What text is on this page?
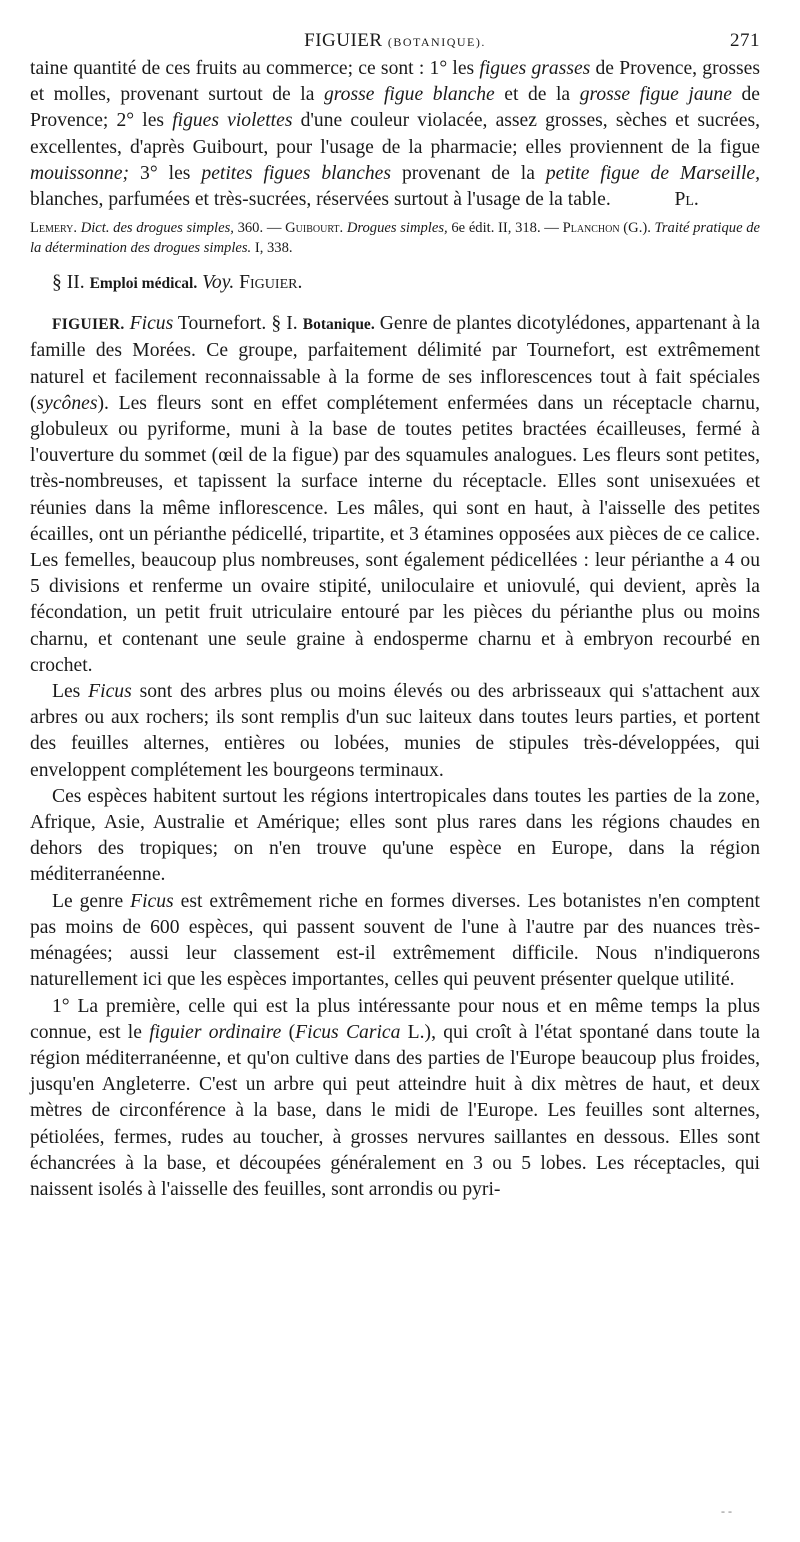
FIGUIER (BOTANIQUE).	271

taine quantité de ces fruits au commerce; ce sont : 1° les figues grasses de Provence, grosses et molles, provenant surtout de la grosse figue blanche et de la grosse figue jaune de Provence; 2° les figues violettes d'une couleur violacée, assez grosses, sèches et sucrées, excellentes, d'après Guibourt, pour l'usage de la pharmacie; elles proviennent de la figue mouissonne; 3° les petites figues blanches provenant de la petite figue de Marseille, blanches, parfumées et très-sucrées, réservées surtout à l'usage de la table.	Pl.

Lemery. Dict. des drogues simples, 360. — Guibourt. Drogues simples, 6e édit. II, 318. — Planchon (G.). Traité pratique de la détermination des drogues simples. I, 338.

§ II. Emploi médical. Voy. Figuier.

FIGUIER. Ficus Tournefort. § I. Botanique. Genre de plantes dicotylédones, appartenant à la famille des Morées. Ce groupe, parfaitement délimité par Tournefort, est extrêmement naturel et facilement reconnaissable à la forme de ses inflorescences tout à fait spéciales (sycônes). Les fleurs sont en effet complétement enfermées dans un réceptacle charnu, globuleux ou pyriforme, muni à la base de toutes petites bractées écailleuses, fermé à l'ouverture du sommet (œil de la figue) par des squamules analogues. Les fleurs sont petites, très-nombreuses, et tapissent la surface interne du réceptacle. Elles sont unisexuées et réunies dans la même inflorescence. Les mâles, qui sont en haut, à l'aisselle des petites écailles, ont un périanthe pédicellé, tripartite, et 3 étamines opposées aux pièces de ce calice. Les femelles, beaucoup plus nombreuses, sont également pédicellées : leur périanthe a 4 ou 5 divisions et renferme un ovaire stipité, uniloculaire et uniovulé, qui devient, après la fécondation, un petit fruit utriculaire entouré par les pièces du périanthe plus ou moins charnu, et contenant une seule graine à endosperme charnu et à embryon recourbé en crochet.

Les Ficus sont des arbres plus ou moins élevés ou des arbrisseaux qui s'attachent aux arbres ou aux rochers; ils sont remplis d'un suc laiteux dans toutes leurs parties, et portent des feuilles alternes, entières ou lobées, munies de stipules très-développées, qui enveloppent complétement les bourgeons terminaux.

Ces espèces habitent surtout les régions intertropicales dans toutes les parties de la zone, Afrique, Asie, Australie et Amérique; elles sont plus rares dans les régions chaudes en dehors des tropiques; on n'en trouve qu'une espèce en Europe, dans la région méditerranéenne.

Le genre Ficus est extrêmement riche en formes diverses. Les botanistes n'en comptent pas moins de 600 espèces, qui passent souvent de l'une à l'autre par des nuances très-ménagées; aussi leur classement est-il extrêmement difficile. Nous n'indiquerons naturellement ici que les espèces importantes, celles qui peuvent présenter quelque utilité.

1° La première, celle qui est la plus intéressante pour nous et en même temps la plus connue, est le figuier ordinaire (Ficus Carica L.), qui croît à l'état spontané dans toute la région méditerranéenne, et qu'on cultive dans des parties de l'Europe beaucoup plus froides, jusqu'en Angleterre. C'est un arbre qui peut atteindre huit à dix mètres de haut, et deux mètres de circonférence à la base, dans le midi de l'Europe. Les feuilles sont alternes, pétiolées, fermes, rudes au toucher, à grosses nervures saillantes en dessous. Elles sont échancrées à la base, et découpées généralement en 3 ou 5 lobes. Les réceptacles, qui naissent isolés à l'aisselle des feuilles, sont arrondis ou pyri-

- -
